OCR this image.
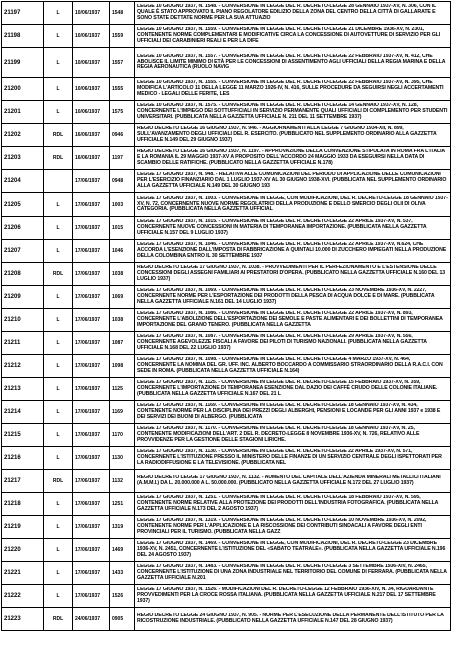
21197	L	10/06/1937	1548	LEGGE 10 GIUGNO 1937, N. 1548. - CONVERSIONE IN LEGGE DEL R. DECRETO-LEGGE 28 GENNAIO 1937-XV, N. 306, CON IL QUALE È STATO APPROVATO IL PIANO REGOLATORE EDILIZIO DELLA ZONA DEL CENTRO DELLA CITTÀ DI GALLARATE E SONO STATE DETTATE NORME PER LA SUA ATTUAZIO

21198	L	10/06/1937	1559	LEGGE 10 GIUGNO 1937, N. 1559. - CONVERSIONE IN LEGGE DEL R. DECRETO-LEGGE 21 DICEMBRE 1936-XV, N. 2301, CONTENENTE NORME COMPLEMENTARI E MODIFICATIVE CIRCA LA CONCESSIONE DI AUTOVETTURE DI SERVIZIO PER GLI UFFICIALI DEI CARABINIERI REALI E PER LA DIFE

21199	L	10/06/1937	1557	LEGGE 10 GIUGNO 1937, N. 1557. - CONVERSIONE IN LEGGE DEL R. DECRETO-LEGGE 22 FEBBRAIO 1937-XV, N. 412, CHE ABOLISCE IL LIMITE MINIMO DI ETÀ PER LE CONCESSIONI DI ASSENTIMENTO AGLI UFFICIALI DELLA REGIA MARINA E DELLA REGIA AERONAUTICA (RUOLO NAVIG

21200	L	10/06/1937	1555	LEGGE 10 GIUGNO 1937, N. 1555. - CONVERSIONE IN LEGGE DEL R. DECRETO-LEGGE 22 FEBBRAIO 1937-XV, N. 395, CHE MODIFICA L'ARTICOLO 11 DELLA LEGGE 11 MARZO 1926-IV, N. 416, SULLE PROCEDURE DA SEGUIRSI NEGLI ACCERTAMENTI MEDICO - LEGALI DELLE FERITE, LES

21201	L	10/06/1937	1575	LEGGE 10 GIUGNO 1937, N. 1575. - CONVERSIONE IN LEGGE DEL R. DECRETO-LEGGE 14 GENNAIO 1937-XV, N. 128, CONCERNENTE L'IMPIEGO DEI SOTTUFFICIALI IN SERVIZIO PERMANENTE QUALI UFFICIALI DI COMPLEMENTO PER STUDENTI UNIVERSITARI. (PUBBLICATA NELLA GAZZETTA UFFICIALE N. 211 DEL 11 SETTEMBRE 1937)

21202	RDL	16/06/1937	0946	REGIO DECRETO LEGGE 16 GIUGNO 1937, N. 946. - AGGIORNAMENTI ALLA LEGGE 7 GIUGNO 1934-XII, N. 899, SULL'AVANZAMENTO DEGLI UFFICIALI DEL R. ESERCITO. (PUBBLICATO NEL SUPPLEMENTO ORDINARIO ALLA GAZZETTA UFFICIALE N.149 DEL 29 GIUGNO 1937)

21203	RDL	16/06/1937	1197	REGIO DECRETO LEGGE 16 GIUGNO 1937, N. 1197. - APPROVAZIONE DELLA CONVENZIONE STIPULATA IN ROMA FRA L'ITALIA E LA ROMANIA IL 29 MAGGIO 1937-XV A PROPOSITO DELL'ACCORDO 24 MAGGIO 1933 DA ESEGUIRSI NELLA DATA DI SCAMBIO DELLE RATIFICHE. (PUBBLICATO NELLA GAZZETTA UFFICIALE N.178)

21204		17/06/1937	0948	LEGGE 17 GIUGNO 1937, N. 948. - RELATIVA ALLE COMUNICAZIONI DEL PERIODO DI APPLICAZIONE DELLE COMUNICAZIONI PER L'ESERCIZIO FINANZIARIO DAL 1 LUGLIO 1937-XV AL 30 GIUGNO 1938-XVI. (PUBBLICATA NEL SUPPLEMENTO ORDINARIO ALLA GAZZETTA UFFICIALE N.149 DEL 30 GIUGNO 193

21205	L	17/06/1937	1003	LEGGE 17 GIUGNO 1937, N. 1003. - CONVERSIONE IN LEGGE, CON MODIFICAZIONI, DEL R. DECRETO-LEGGE 18 GENNAIO 1937-XV, N. 72, CONCERNENTE NUOVE NORME REGOLATRICI DELLA PRODUZIONE E DELLO SMERCIO DEGLI OLII DI OLIVA CATEGORIA. (PUBBLICATA NELLA GAZZETTA UFFICIAL

21206	L	17/06/1937	1015	LEGGE 17 GIUGNO 1937, N. 1015. - CONVERSIONE IN LEGGE DEL R. DECRETO-LEGGE 22 APRILE 1937-XV, N. 537, CONCERNENTE NUOVE CONCESSIONI IN MATERIA DI TEMPORANEA IMPORTAZIONE. (PUBBLICATA NELLA GAZZETTA UFFICIALE N.157 DEL 9 LUGLIO 1937)

21207	L	17/06/1937	1046	LEGGE 17 GIUGNO 1937, N. 1046. - CONVERSIONE IN LEGGE DEL R. DECRETO-LEGGE 22 APRILE 1937-XV, N.624, CHE ACCORDA L'ESENZIONE DALL'IMPOSTA DI FABBRICAZIONE A QUINTALI 10.000 DI ZUCCHERO IMPIEGATI NELLA PRODUZIONE DELLA COLOMBINA ENTRO IL 30 SETTEMBRE 1937

21208	RDL	17/06/1937	1038	REGIO DECRETO LEGGE 17 GIUGNO 1937, N. 1038. - PROVVEDIMENTI PER IL PERFEZIONAMENTO E L'ESTENSIONE DELLE CONCESSIONI DEGLI ASSEGNI FAMILIARI AI PRESTATORI D'OPERA. (PUBBLICATO NELLA GAZZETTA UFFICIALE N.160 DEL 13 LUGLIO 1937)

21209	L	17/06/1937	1069	LEGGE 17 GIUGNO 1937, N. 1069. - CONVERSIONE IN LEGGE DEL R. DECRETO-LEGGE 23 NOVEMBRE 1936-XV, N. 2227, CONCERNENTE NORME PER L'ESPORTAZIONE DEI PRODOTTI DELLA PESCA DI ACQUA DOLCE E DI MARE. (PUBBLICATA NELLA GAZZETTA UFFICIALE N.161 DEL 14 LUGLIO 1937)

21210	L	17/06/1937	1038	LEGGE 17 GIUGNO 1937, N. 1086. - CONVERSIONE IN LEGGE DEL R. DECRETO-LEGGE 22 APRILE 1937-XV, N. 893, CONCERNENTE L'ABOLIZIONE DELL'ESPORTAZIONE DEI SEMOLE E PASTE ALIMENTARI E DEI BOLLETTINI DI TEMPORANEA IMPORTAZIONE DEL GRANO TENERO. (PUBBLICATA NELLA GAZZETTA

21211	L	17/06/1937	1087	LEGGE 17 GIUGNO 1937, N. 1087. - CONVERSIONE IN LEGGE DEL R. DECRETO-LEGGE 29 APRILE 1937-XV, N. 556, CONCERNENTE AGEVOLEZZE FISCALI A FAVORE DEI PILOTI DI TURISMO NAZIONALI. (PUBBLICATA NELLA GAZZETTA UFFICIALE N.168 DEL 22 LUGLIO 1937)

21212	L	17/06/1937	1098	LEGGE 17 GIUGNO 1937, N. 1098. - CONVERSIONE IN LEGGE DEL R. DECRETO-LEGGE 4 MARZO 1937-XV, N. 464, CONCERNENTE LA NOMINA DEL GR. UFF. INC. ALBERTO BOCCARDO A COMMISSARIO STRAORDINARIO DELLA R.A.C.I. CON SEDE IN ROMA. (PUBBLICATA NELLA GAZZETTA UFFICIALE N.164)

21213	L	17/06/1937	1125	LEGGE 17 GIUGNO 1937, N. 1125. - CONVERSIONE IN LEGGE DEL R. DECRETO-LEGGE 15 FEBBRAIO 1937-XV, N. 359, CONCERNENTE L'IMPORTAZIONE DI TEMPORANEA ESENZIONE DAL DAZIO DEI CAFFÈ CRUDO DELLE COLONIE ITALIANE. (PUBBLICATA NELLA GAZZETTA UFFICIALE N.167 DEL 21 L

21214	L	17/06/1937	1169	LEGGE 17 GIUGNO 1937, N. 1169. - CONVERSIONE IN LEGGE DEL R. DECRETO-LEGGE 18 GENNAIO 1937-XV, N. 434, CONTENENTE NORME PER LA DISCIPLINA DEI PREZZI DEGLI ALBERGHI, PENSIONI E LOCANDE PER GLI ANNI 1937 e 1938 E DEI SERVIZI DEI BUONI DI ALBERGO. (PUBBLICATA

21215	L	17/06/1937	1170	LEGGE 17 GIUGNO 1937, N. 1170. - CONVERSIONE IN LEGGE DEL R. DECRETO-LEGGE 18 GENNAIO 1937-XV, N. 25, CONTENENTE MODIFICAZIONI DELL'ART. 2 DEL R. DECRETO-LEGGE 8 NOVEMBRE 1936-XV, N. 726, RELATIVO ALLE PROVVIDENZE PER LA GESTIONE DELLE STAGIONI LIRICHE.

21216	L	17/06/1937	1130	LEGGE 17 GIUGNO 1937, N. 1130. - CONVERSIONE IN LEGGE DEL R. DECRETO-LEGGE 22 APRILE 1937-XV, N. 571, CONCERNENTE L'ISTITUZIONE PRESSO IL MINISTERO DELLE FINANZE DI UN SERVIZIO CENTRALE DEGLI ISPETTORATI PER LA RADIODIFFUSIONE E LA TELEVISIONE. (PUBBLICATA NEL

21217	RDL	17/06/1937	1132	REGIO DECRETO LEGGE 17 GIUGNO 1937, N. 1132. - AUMENTO DEL CAPITALE DELL'AZIENDA MINERALI METALLICI ITALIANI (A.M.M.I.) DA L. 20.000.000 A L. 50.000.000. (PUBBLICATO NELLA GAZZETTA UFFICIALE N.172 DEL 27 LUGLIO 1937)

21218	L	17/06/1937	1251	LEGGE 17 GIUGNO 1937, N. 1251. - CONVERSIONE IN LEGGE DEL R. DECRETO-LEGGE 18 FEBBRAIO 1937-XV, N. 595, CONTENENTE NORME RELATIVE ALLA PROTEZIONE DEI PRODOTTI DELL'INDUSTRIA FOTOGRAFICA. (PUBBLICATA NELLA GAZZETTA UFFICIALE N.173 DEL 2 AGOSTO 1937)

21219	L	17/06/1937	1319	LEGGE 17 GIUGNO 1937, N. 1319. - CONVERSIONE IN LEGGE DEL R. DECRETO-LEGGE 10 NOVEMBRE 1936-XV, N. 2092, CONTENENTE NORME PER L'APPLICAZIONE E LA RISCOSSIONE DEI CONTRIBUTI SINDACALI A FAVORE DEGLI ENTI PROVINCIALI PER IL TURISMO. (PUBBLICATA NELLA GAZZ

21220	L	17/06/1937	1469	LEGGE 17 GIUGNO 1937, N. 1469. - CONVERSIONE IN LEGGE, CON MODIFICAZIONI, DEL R. DECRETO-LEGGE 23 DICEMBRE 1936-XV, N. 2451, CONCERNENTE L'ISTITUZIONE DEL «SABATO TEATRALE». (PUBBLICATA NELLA GAZZETTA UFFICIALE N.196 DEL 24 AGOSTO 1937)

21221	L	17/06/1937	1433	LEGGE 17 GIUGNO 1937, N. 1483. - CONVERSIONE IN LEGGE DEL R. DECRETO-LEGGE 3 SETTEMBRE 1936-XIV, N. 2465, CONCERNENTE L'ISTITUZIONE DI UNA ZONA INDUSTRIALE NEL TERRITORIO DEL COMUNE DI FERRARA. (PUBBLICATA NELLA GAZZETTA UFFICIALE N.201

21222	L	17/06/1937	1526	LEGGE 17 GIUGNO 1937, N. 1526. - MODIFICAZIONI DEL R. DECRETO-LEGGE 12 FEBBRAIO 1936-XIV, N. 34, RIGUARDANTE PROVVEDIMENTI PER LA CROCE ROSSA ITALIANA. (PUBBLICATA NELLA GAZZETTA UFFICIALE N.217 DEL 17 SETTEMBRE 1937)

21223	RDL	24/06/1937	0905	REGIO DECRETO LEGGE 24 GIUGNO 1937, N. 905. - NORME PER L'ESECUZIONE DELLA PERMANENTE DELL'ISTITUTO PER LA RICOSTRUZIONE INDUSTRIALE. (PUBBLICATO NELLA GAZZETTA UFFICIALE N.147 DEL 28 GIUGNO 1937)
